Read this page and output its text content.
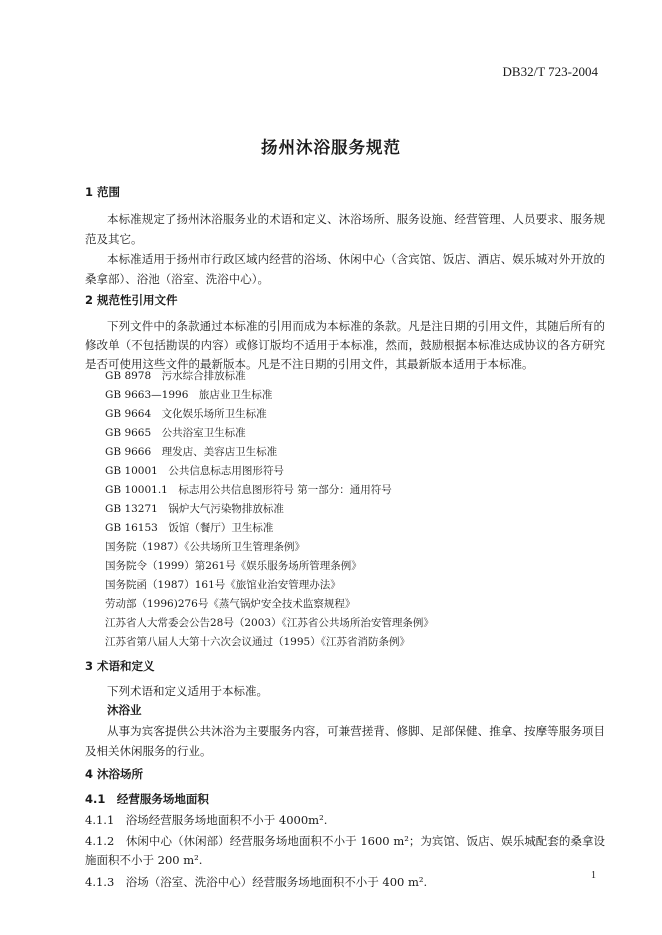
DB32/T 723-2004
扬州沐浴服务规范
1 范围
本标准规定了扬州沐浴服务业的术语和定义、沐浴场所、服务设施、经营管理、人员要求、服务规范及其它。
本标准适用于扬州市行政区域内经营的浴场、休闲中心（含宾馆、饭店、酒店、娱乐城对外开放的桑拿部）、浴池（浴室、洗浴中心）。
2 规范性引用文件
下列文件中的条款通过本标准的引用而成为本标准的条款。凡是注日期的引用文件，其随后所有的修改单（不包括勘误的内容）或修订版均不适用于本标准，然而，鼓励根据本标准达成协议的各方研究是否可使用这些文件的最新版本。凡是不注日期的引用文件，其最新版本适用于本标准。
GB 8978　污水综合排放标准
GB 9663—1996　旅店业卫生标准
GB 9664　文化娱乐场所卫生标准
GB 9665　公共浴室卫生标准
GB 9666　理发店、美容店卫生标准
GB 10001　公共信息标志用图形符号
GB 10001.1　标志用公共信息图形符号 第一部分：通用符号
GB 13271　锅炉大气污染物排放标准
GB 16153　饭馆（餐厅）卫生标准
国务院（1987）《公共场所卫生管理条例》
国务院令（1999）第261号《娱乐服务场所管理条例》
国务院函（1987）161号《旅馆业治安管理办法》
劳动部（1996)276号《蒸气锅炉安全技术监察规程》
江苏省人大常委会公告28号（2003）《江苏省公共场所治安管理条例》
江苏省第八届人大第十六次会议通过（1995）《江苏省消防条例》
3 术语和定义
下列术语和定义适用于本标准。
沐浴业
从事为宾客提供公共沐浴为主要服务内容，可兼营搓背、修脚、足部保健、推拿、按摩等服务项目及相关休闲服务的行业。
4 沐浴场所
4.1　经营服务场地面积
4.1.1　浴场经营服务场地面积不小于 4000m².
4.1.2　休闲中心（休闲部）经营服务场地面积不小于 1600 m²；为宾馆、饭店、娱乐城配套的桑拿设施面积不小于 200 m².
4.1.3　浴场（浴室、洗浴中心）经营服务场地面积不小于 400 m².	1
